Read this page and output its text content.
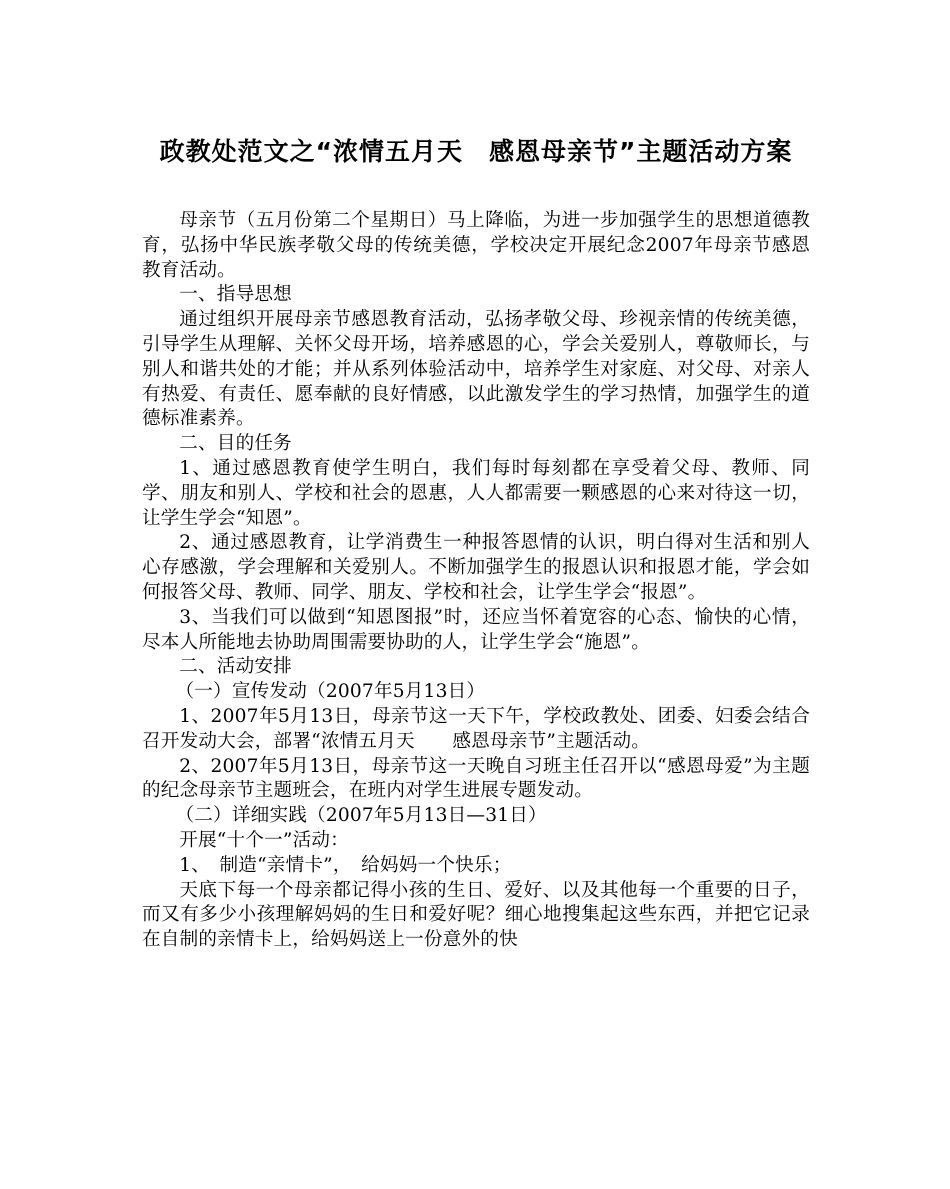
政教处范文之“浓情五月天　感恩母亲节”主题活动方案

母亲节（五月份第二个星期日）马上降临，为进一步加强学生的思想道德教育，弘扬中华民族孝敬父母的传统美德，学校决定开展纪念2007年母亲节感恩教育活动。

一、指导思想

通过组织开展母亲节感恩教育活动，弘扬孝敬父母、珍视亲情的传统美德，引导学生从理解、关怀父母开场，培养感恩的心，学会关爱别人，尊敬师长，与别人和谐共处的才能；并从系列体验活动中，培养学生对家庭、对父母、对亲人有热爱、有责任、愿奉献的良好情感，以此激发学生的学习热情，加强学生的道德标准素养。

二、目的任务

1、通过感恩教育使学生明白，我们每时每刻都在享受着父母、教师、同学、朋友和别人、学校和社会的恩惠，人人都需要一颗感恩的心来对待这一切，让学生学会“知恩”。

2、通过感恩教育，让学消费生一种报答恩情的认识，明白得对生活和别人心存感激，学会理解和关爱别人。不断加强学生的报恩认识和报恩才能，学会如何报答父母、教师、同学、朋友、学校和社会，让学生学会“报恩”。

3、当我们可以做到“知恩图报”时，还应当怀着宽容的心态、愉快的心情，尽本人所能地去协助周围需要协助的人，让学生学会“施恩”。

二、活动安排

（一）宣传发动（2007年5月13日）

1、2007年5月13日，母亲节这一天下午，学校政教处、团委、妇委会结合召开发动大会，部署“浓情五月天　　感恩母亲节”主题活动。

2、2007年5月13日，母亲节这一天晚自习班主任召开以“感恩母爱”为主题的纪念母亲节主题班会，在班内对学生进展专题发动。

（二）详细实践（2007年5月13日—31日）

开展“十个一”活动：

1、　制造“亲情卡”，　给妈妈一个快乐；

天底下每一个母亲都记得小孩的生日、爱好、以及其他每一个重要的日子，而又有多少小孩理解妈妈的生日和爱好呢？细心地搜集起这些东西，并把它记录在自制的亲情卡上，给妈妈送上一份意外的快
